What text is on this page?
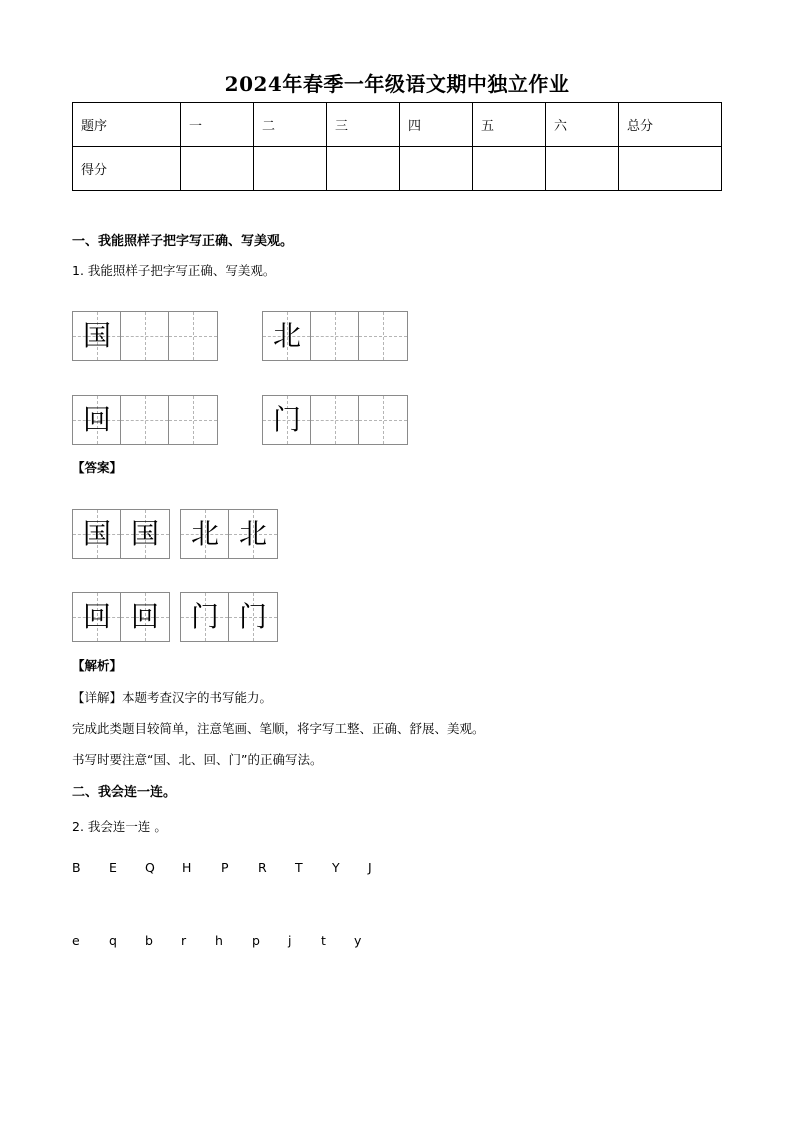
2024年春季一年级语文期中独立作业
题序	一	二	三	四	五	六	总分
得分							
一、我能照样子把字写正确、写美观。
1. 我能照样子把字写正确、写美观。
国	北
回	门
【答案】
国 国	北 北
回 回	门 门
【解析】
【详解】本题考查汉字的书写能力。
完成此类题目较简单，注意笔画、笔顺，将字写工整、正确、舒展、美观。
书写时要注意“国、北、回、门”的正确写法。
二、我会连一连。
2. 我会连一连 。
B E Q H P R T Y J
e q b r h p j t y
